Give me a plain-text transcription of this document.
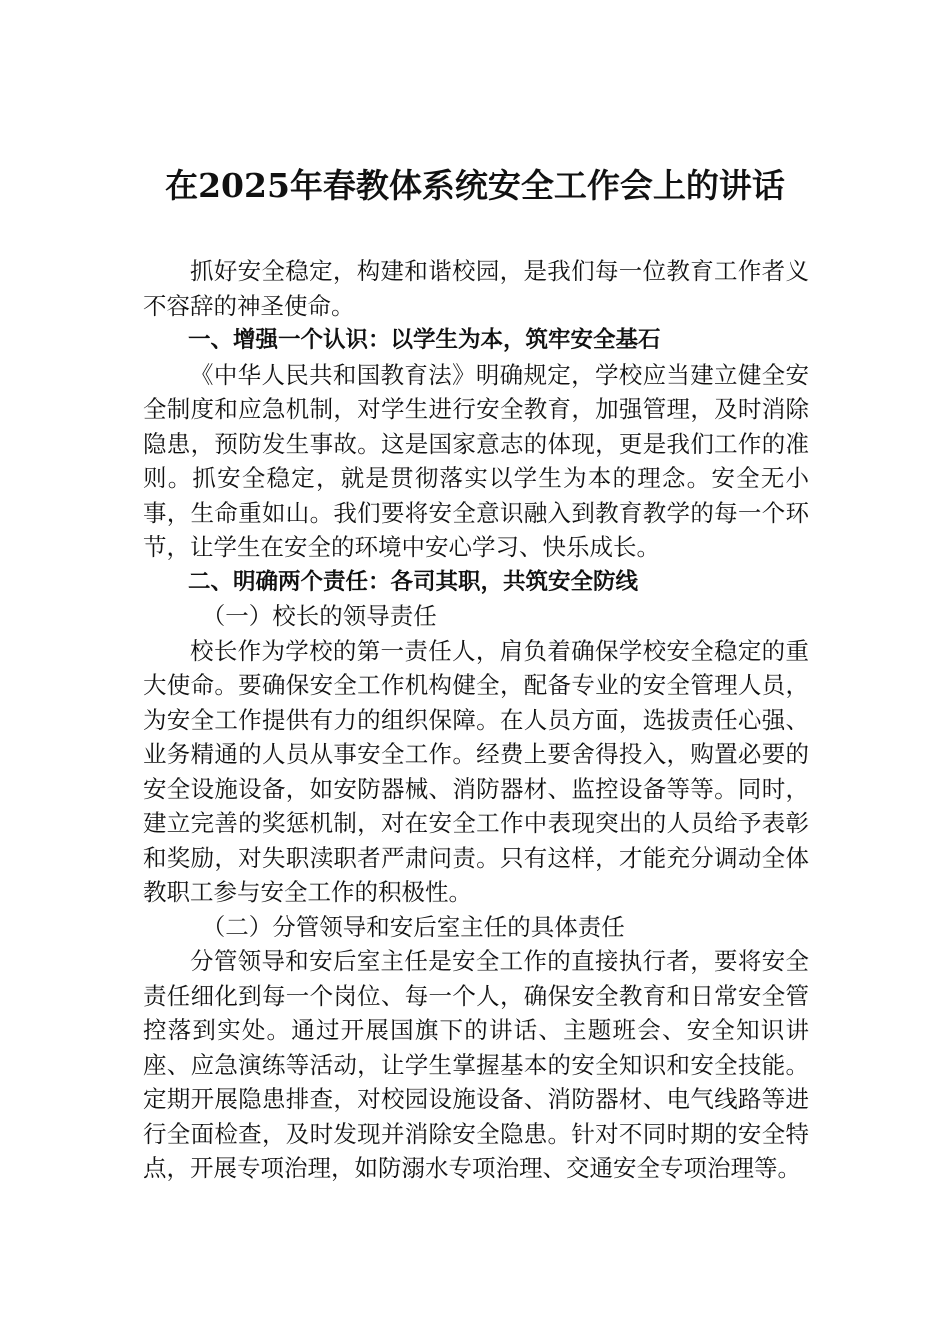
在2025年春教体系统安全工作会上的讲话

抓好安全稳定，构建和谐校园，是我们每一位教育工作者义不容辞的神圣使命。

一、增强一个认识：以学生为本，筑牢安全基石

《中华人民共和国教育法》明确规定，学校应当建立健全安全制度和应急机制，对学生进行安全教育，加强管理，及时消除隐患，预防发生事故。这是国家意志的体现，更是我们工作的准则。抓安全稳定，就是贯彻落实以学生为本的理念。安全无小事，生命重如山。我们要将安全意识融入到教育教学的每一个环节，让学生在安全的环境中安心学习、快乐成长。

二、明确两个责任：各司其职，共筑安全防线

（一）校长的领导责任

校长作为学校的第一责任人，肩负着确保学校安全稳定的重大使命。要确保安全工作机构健全，配备专业的安全管理人员，为安全工作提供有力的组织保障。在人员方面，选拔责任心强、业务精通的人员从事安全工作。经费上要舍得投入，购置必要的安全设施设备，如安防器械、消防器材、监控设备等等。同时，建立完善的奖惩机制，对在安全工作中表现突出的人员给予表彰和奖励，对失职渎职者严肃问责。只有这样，才能充分调动全体教职工参与安全工作的积极性。

（二）分管领导和安后室主任的具体责任

分管领导和安后室主任是安全工作的直接执行者，要将安全责任细化到每一个岗位、每一个人，确保安全教育和日常安全管控落到实处。通过开展国旗下的讲话、主题班会、安全知识讲座、应急演练等活动，让学生掌握基本的安全知识和安全技能。定期开展隐患排查，对校园设施设备、消防器材、电气线路等进行全面检查，及时发现并消除安全隐患。针对不同时期的安全特点，开展专项治理，如防溺水专项治理、交通安全专项治理等。
